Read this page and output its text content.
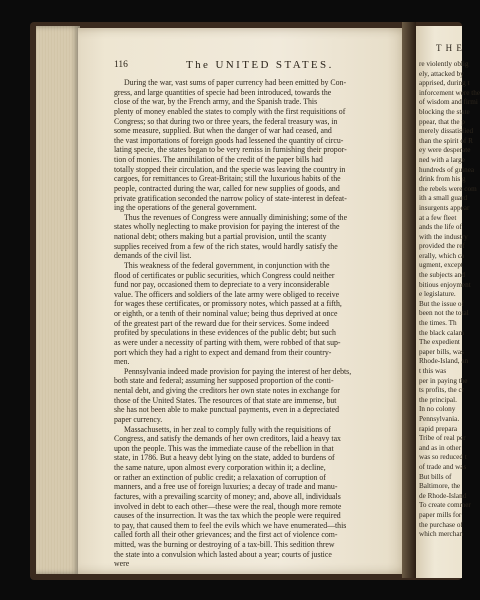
116	The UNITED STATES.
During the war, vast sums of paper currency had been emitted by Con-
gress, and large quantities of specie had been introduced, towards the
close of the war, by the French army, and the Spanish trade. This
plenty of money enabled the states to comply with the first requisitions of
Congress; so that during two or three years, the federal treasury was, in
some measure, supplied. But when the danger of war had ceased, and
the vast importations of foreign goods had lessened the quantity of circu-
lating specie, the states began to be very remiss in furnishing their propor-
tion of monies. The annihilation of the credit of the paper bills had
totally stopped their circulation, and the specie was leaving the country in
cargoes, for remittances to Great-Britain; still the luxurious habits of the
people, contracted during the war, called for new supplies of goods, and
private gratification seconded the narrow policy of state-interest in defeat-
ing the operations of the general government.
Thus the revenues of Congress were annually diminishing; some of the
states wholly neglecting to make provision for paying the interest of the
national debt; others making but a partial provision, until the scanty
supplies received from a few of the rich states, would hardly satisfy the
demands of the civil list.
This weakness of the federal government, in conjunction with the
flood of certificates or public securities, which Congress could neither
fund nor pay, occasioned them to depreciate to a very inconsiderable
value. The officers and soldiers of the late army were obliged to receive
for wages these certificates, or promissory notes, which passed at a fifth,
or eighth, or a tenth of their nominal value; being thus deprived at once
of the greatest part of the reward due for their services. Some indeed
profited by speculations in these evidences of the public debt; but such
as were under a necessity of parting with them, were robbed of that sup-
port which they had a right to expect and demand from their country-
men.
Pennsylvania indeed made provision for paying the interest of her debts,
both state and federal; assuming her supposed proportion of the conti-
nental debt, and giving the creditors her own state notes in exchange for
those of the United States. The resources of that state are immense, but
she has not been able to make punctual payments, even in a depreciated
paper currency.
Massachusetts, in her zeal to comply fully with the requisitions of
Congress, and satisfy the demands of her own creditors, laid a heavy tax
upon the people. This was the immediate cause of the rebellion in that
state, in 1786. But a heavy debt lying on the state, added to burdens of
the same nature, upon almost every corporation within it; a decline,
or rather an extinction of public credit; a relaxation of corruption of
manners, and a free use of foreign luxuries; a decay of trade and manu-
factures, with a prevailing scarcity of money; and, above all, individuals
involved in debt to each other—these were the real, though more remote
causes of the insurrection. It was the tax which the people were required
to pay, that caused them to feel the evils which we have enumerated—this
called forth all their other grievances; and the first act of violence com-
mitted, was the burning or destroying of a tax-bill. This sedition threw
the state into a convulsion which lasted about a year; courts of justice
were
T H E
re violently oblig
ely, attacked by
apprised, during t
inforcement were the
of wisdom and firmi
blocking the state
ppear, that the p
merely dissatisfied
than the spirit of R
ey were desperate
ned with a large
hundreds of guinea
drink from his g
the rebels were com
ith a small guard
insurgents appear
at a few fleet
ands the life of
with the industry
provided the ref
erally, which ca
ugment, except
the subjects and
bitious enjoyment
e legislature.
But the issue of
been not the total
the times. Th
the black calam
The expedient
paper bills, was
Rhode-Island, an
t this was
per in paying the
ts profits, the cr
the principal.
In no colony
Pennsylvania.
rapid prepara
Tribe of real per
and as in other
was so reduced t
of trade and was
But bills of
Baltimore, the
de Rhode-Island
To create commer
paper mills for
the purchase of
which merchan
